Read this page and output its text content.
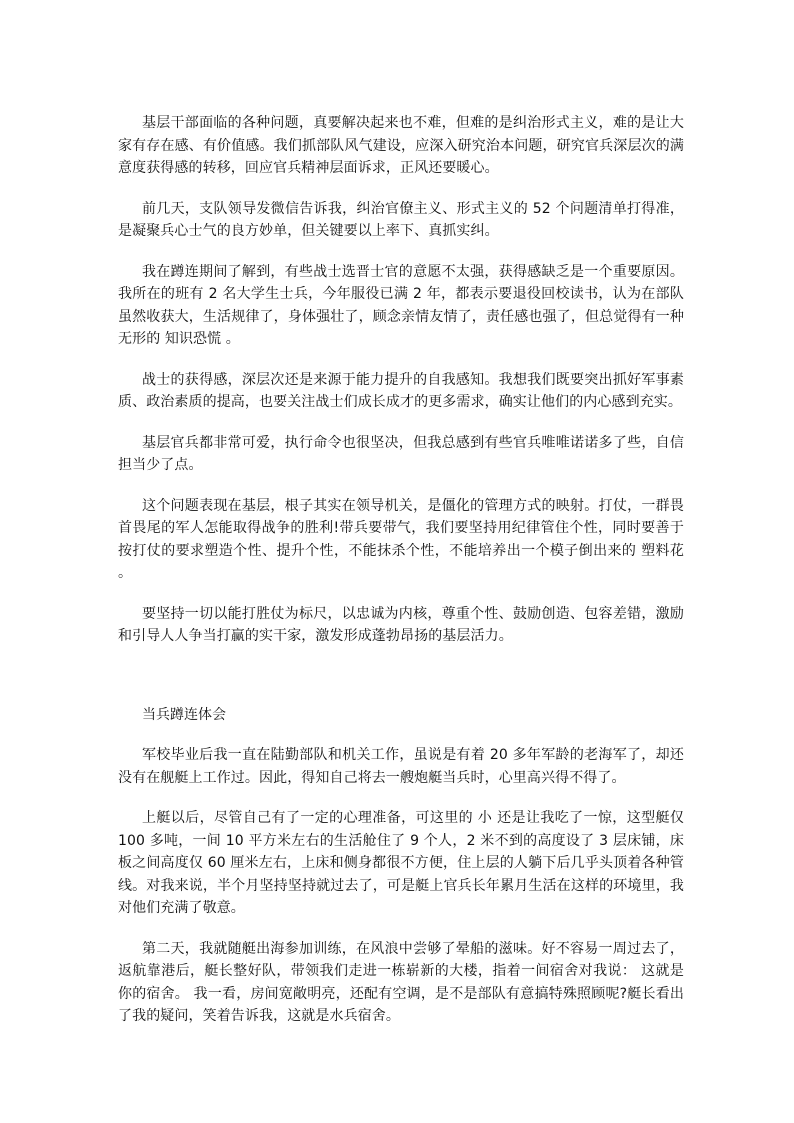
基层干部面临的各种问题，真要解决起来也不难，但难的是纠治形式主义，难的是让大家有存在感、有价值感。我们抓部队风气建设，应深入研究治本问题，研究官兵深层次的满意度获得感的转移，回应官兵精神层面诉求，正风还要暖心。

前几天，支队领导发微信告诉我，纠治官僚主义、形式主义的 52 个问题清单打得准，是凝聚兵心士气的良方妙单，但关键要以上率下、真抓实纠。

我在蹲连期间了解到，有些战士选晋士官的意愿不太强，获得感缺乏是一个重要原因。我所在的班有 2 名大学生士兵，今年服役已满 2 年，都表示要退役回校读书，认为在部队虽然收获大，生活规律了，身体强壮了，顾念亲情友情了，责任感也强了，但总觉得有一种无形的 知识恐慌 。

战士的获得感，深层次还是来源于能力提升的自我感知。我想我们既要突出抓好军事素质、政治素质的提高，也要关注战士们成长成才的更多需求，确实让他们的内心感到充实。

基层官兵都非常可爱，执行命令也很坚决，但我总感到有些官兵唯唯诺诺多了些，自信担当少了点。

这个问题表现在基层，根子其实在领导机关，是僵化的管理方式的映射。打仗，一群畏首畏尾的军人怎能取得战争的胜利!带兵要带气，我们要坚持用纪律管住个性，同时要善于按打仗的要求塑造个性、提升个性，不能抹杀个性，不能培养出一个模子倒出来的 塑料花 。

要坚持一切以能打胜仗为标尺，以忠诚为内核，尊重个性、鼓励创造、包容差错，激励和引导人人争当打赢的实干家，激发形成蓬勃昂扬的基层活力。

当兵蹲连体会

军校毕业后我一直在陆勤部队和机关工作，虽说是有着 20 多年军龄的老海军了，却还没有在舰艇上工作过。因此，得知自己将去一艘炮艇当兵时，心里高兴得不得了。

上艇以后，尽管自己有了一定的心理准备，可这里的 小 还是让我吃了一惊，这型艇仅 100 多吨，一间 10 平方米左右的生活舱住了 9 个人，2 米不到的高度设了 3 层床铺，床板之间高度仅 60 厘米左右，上床和侧身都很不方便，住上层的人躺下后几乎头顶着各种管线。对我来说，半个月坚持坚持就过去了，可是艇上官兵长年累月生活在这样的环境里，我对他们充满了敬意。

第二天，我就随艇出海参加训练，在风浪中尝够了晕船的滋味。好不容易一周过去了，返航靠港后，艇长整好队，带领我们走进一栋崭新的大楼，指着一间宿舍对我说： 这就是你的宿舍。 我一看，房间宽敞明亮，还配有空调，是不是部队有意搞特殊照顾呢?艇长看出了我的疑问，笑着告诉我，这就是水兵宿舍。
